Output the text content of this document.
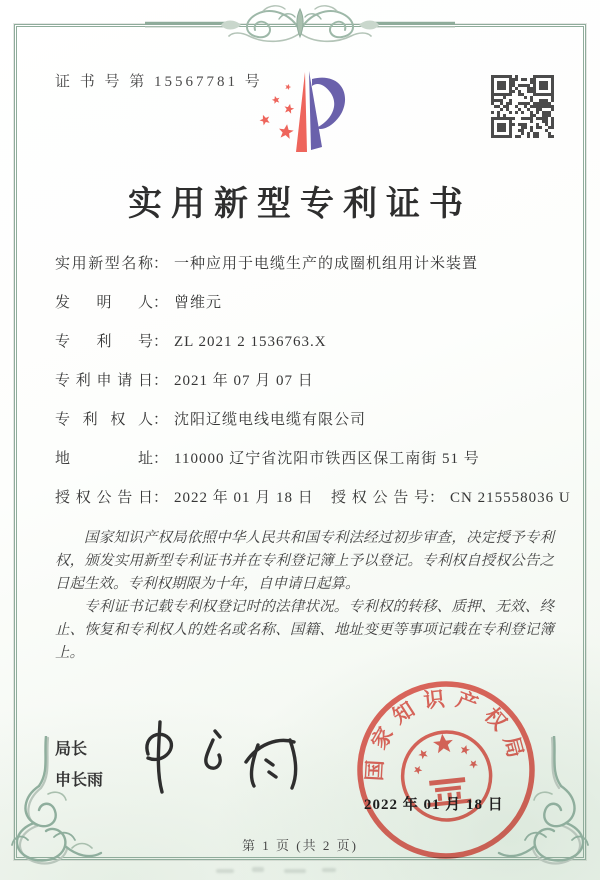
证 书 号 第 15567781 号
实用新型专利证书
实用新型名称： 一种应用于电缆生产的成圈机组用计米装置
发明人： 曾维元
专利号： ZL 2021 2 1536763.X
专利申请日： 2021 年 07 月 07 日
专利权人： 沈阳辽缆电线电缆有限公司
地址： 110000 辽宁省沈阳市铁西区保工南街 51 号
授权公告日： 2022 年 01 月 18 日 授权公告号： CN 215558036 U

国家知识产权局依照中华人民共和国专利法经过初步审查，决定授予专利权，颁发实用新型专利证书并在专利登记簿上予以登记。专利权自授权公告之日起生效。专利权期限为十年，自申请日起算。

专利证书记载专利权登记时的法律状况。专利权的转移、质押、无效、终止、恢复和专利权人的姓名或名称、国籍、地址变更等事项记载在专利登记簿上。

局长
申长雨	国家知识产权局
2022 年 01 月 18 日
第 1 页 (共 2 页)
